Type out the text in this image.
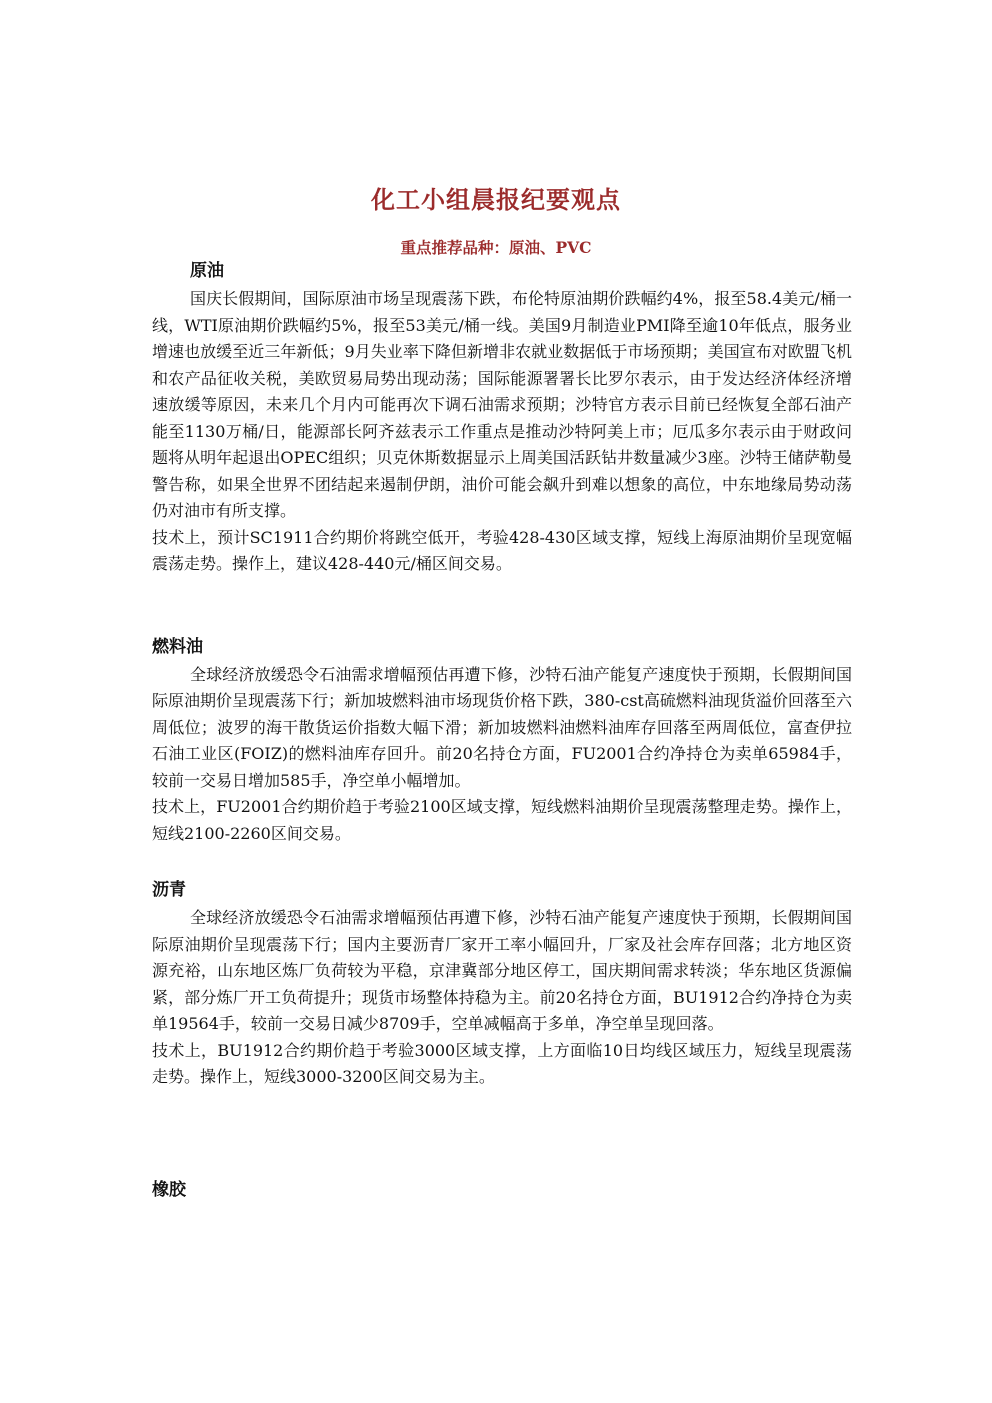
化工小组晨报纪要观点
重点推荐品种：原油、PVC
原油

国庆长假期间，国际原油市场呈现震荡下跌，布伦特原油期价跌幅约4%，报至58.4美元/桶一线，WTI原油期价跌幅约5%，报至53美元/桶一线。美国9月制造业PMI降至逾10年低点，服务业增速也放缓至近三年新低；9月失业率下降但新增非农就业数据低于市场预期；美国宣布对欧盟飞机和农产品征收关税，美欧贸易局势出现动荡；国际能源署署长比罗尔表示，由于发达经济体经济增速放缓等原因，未来几个月内可能再次下调石油需求预期；沙特官方表示目前已经恢复全部石油产能至1130万桶/日，能源部长阿齐兹表示工作重点是推动沙特阿美上市；厄瓜多尔表示由于财政问题将从明年起退出OPEC组织；贝克休斯数据显示上周美国活跃钻井数量减少3座。沙特王储萨勒曼警告称，如果全世界不团结起来遏制伊朗，油价可能会飙升到难以想象的高位，中东地缘局势动荡仍对油市有所支撑。

技术上，预计SC1911合约期价将跳空低开，考验428-430区域支撑，短线上海原油期价呈现宽幅震荡走势。操作上，建议428-440元/桶区间交易。

燃料油

全球经济放缓恐令石油需求增幅预估再遭下修，沙特石油产能复产速度快于预期，长假期间国际原油期价呈现震荡下行；新加坡燃料油市场现货价格下跌，380-cst高硫燃料油现货溢价回落至六周低位；波罗的海干散货运价指数大幅下滑；新加坡燃料油燃料油库存回落至两周低位，富查伊拉石油工业区(FOIZ)的燃料油库存回升。前20名持仓方面，FU2001合约净持仓为卖单65984手，较前一交易日增加585手，净空单小幅增加。

技术上，FU2001合约期价趋于考验2100区域支撑，短线燃料油期价呈现震荡整理走势。操作上，短线2100-2260区间交易。

沥青

全球经济放缓恐令石油需求增幅预估再遭下修，沙特石油产能复产速度快于预期，长假期间国际原油期价呈现震荡下行；国内主要沥青厂家开工率小幅回升，厂家及社会库存回落；北方地区资源充裕，山东地区炼厂负荷较为平稳，京津冀部分地区停工，国庆期间需求转淡；华东地区货源偏紧，部分炼厂开工负荷提升；现货市场整体持稳为主。前20名持仓方面，BU1912合约净持仓为卖单19564手，较前一交易日减少8709手，空单减幅高于多单，净空单呈现回落。

技术上，BU1912合约期价趋于考验3000区域支撑，上方面临10日均线区域压力，短线呈现震荡走势。操作上，短线3000-3200区间交易为主。

橡胶
